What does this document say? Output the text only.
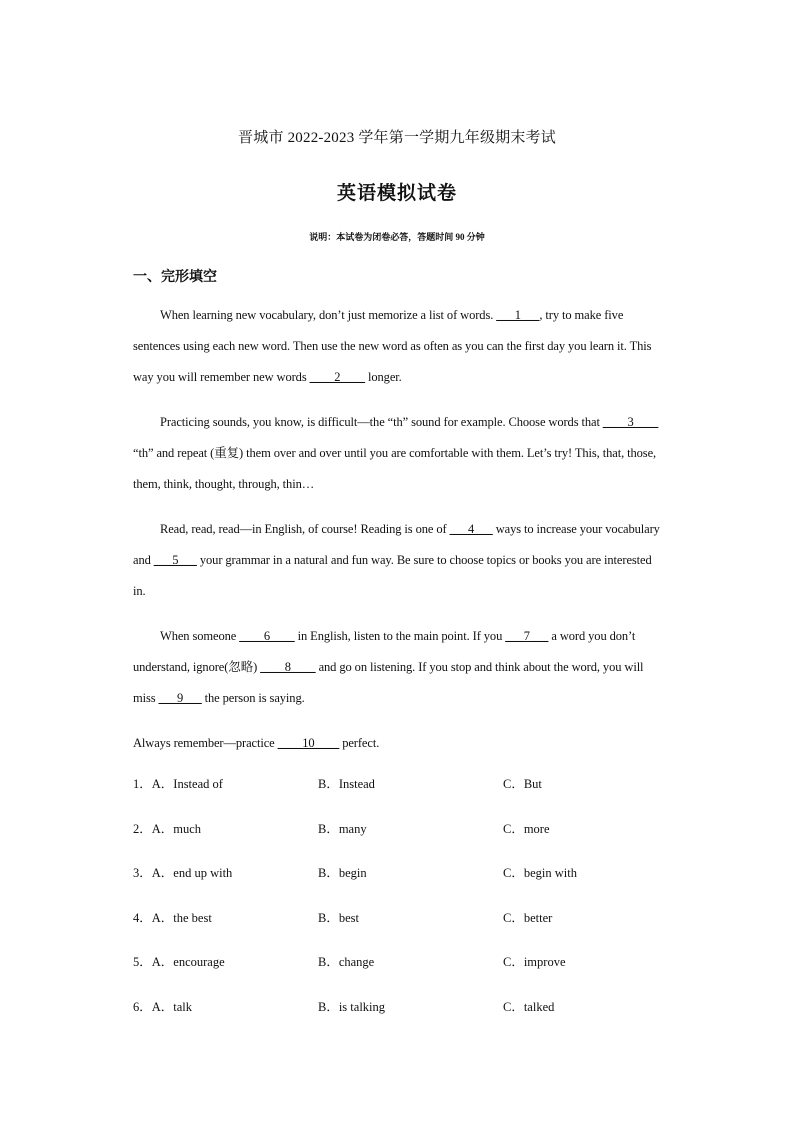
晋城市 2022-2023 学年第一学期九年级期末考试
英语模拟试卷
说明：本试卷为闭卷必答，答题时间 90 分钟
一、完形填空

When learning new vocabulary, don’t just memorize a list of words. ___1___, try to make five sentences using each new word. Then use the new word as often as you can the first day you learn it. This way you will remember new words ____2____ longer.

Practicing sounds, you know, is difficult—the “th” sound for example. Choose words that ____3____ “th” and repeat (重复) them over and over until you are comfortable with them. Let’s try! This, that, those, them, think, thought, through, thin…

Read, read, read—in English, of course! Reading is one of ___4___ ways to increase your vocabulary and ___5___ your grammar in a natural and fun way. Be sure to choose topics or books you are interested in.

When someone ____6____ in English, listen to the main point. If you ___7___ a word you don’t understand, ignore(忽略) ____8____ and go on listening. If you stop and think about the word, you will miss ___9___ the person is saying.

Always remember—practice ____10____ perfect.

1．A．Instead of	B．Instead	C．But
2．A．much	B．many	C．more
3．A．end up with	B．begin	C．begin with
4．A．the best	B．best	C．better
5．A．encourage	B．change	C．improve
6．A．talk	B．is talking	C．talked
